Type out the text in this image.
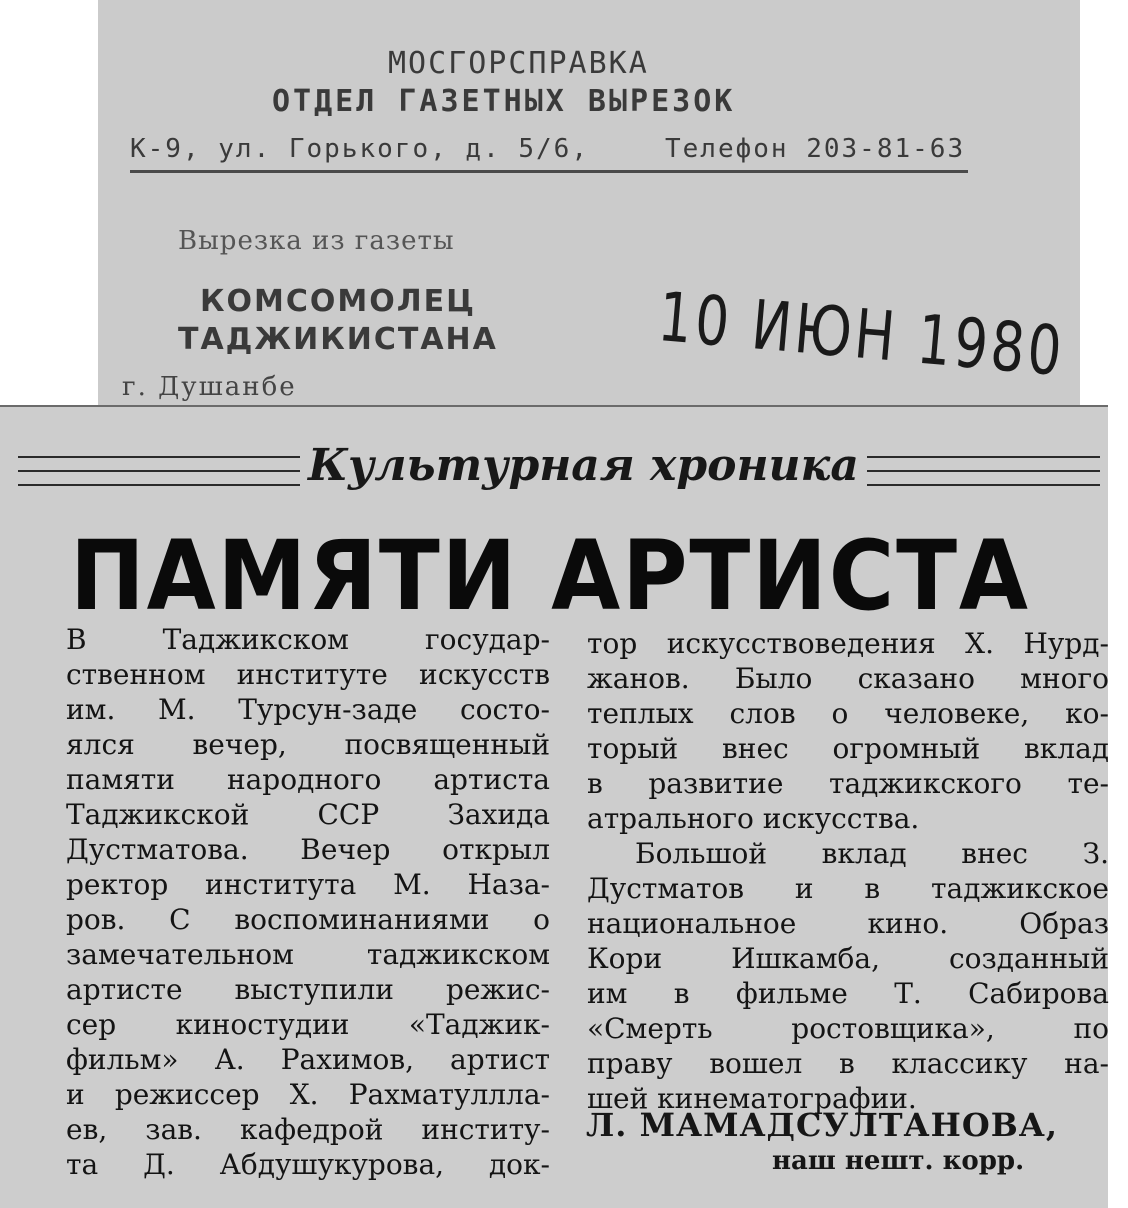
МОСГОРСПРАВКА
ОТДЕЛ ГАЗЕТНЫХ ВЫРЕЗОК
К-9, ул. Горького, д. 5/6,	Телефон 203-81-63
Вырезка из газеты
КОМСОМОЛЕЦ
ТАДЖИКИСТАНА 10 ИЮН 1980
г. Душанбе
Культурная хроника
ПАМЯТИ АРТИСТА
В Таджикском государ-
ственном институте искусств
им. М. Турсун-заде состо-
ялся вечер, посвященный
памяти народного артиста
Таджикской ССР Захида
Дустматова. Вечер открыл
ректор института М. Наза-
ров. С воспоминаниями о
замечательном таджикском
артисте выступили режис-
сер киностудии «Таджик-
фильм» А. Рахимов, артист
и режиссер Х. Рахматуллла-
ев, зав. кафедрой институ-
та Д. Абдушукурова, док-
тор искусствоведения Х. Нурд-
жанов. Было сказано много
теплых слов о человеке, ко-
торый внес огромный вклад
в развитие таджикского те-
атрального искусства.
Большой вклад внес З.
Дустматов и в таджикское
национальное кино. Образ
Кори Ишкамба, созданный
им в фильме Т. Сабирова
«Смерть ростовщика», по
праву вошел в классику на-
шей кинематографии.
Л. МАМАДСУЛТАНОВА,
наш нешт. корр.
